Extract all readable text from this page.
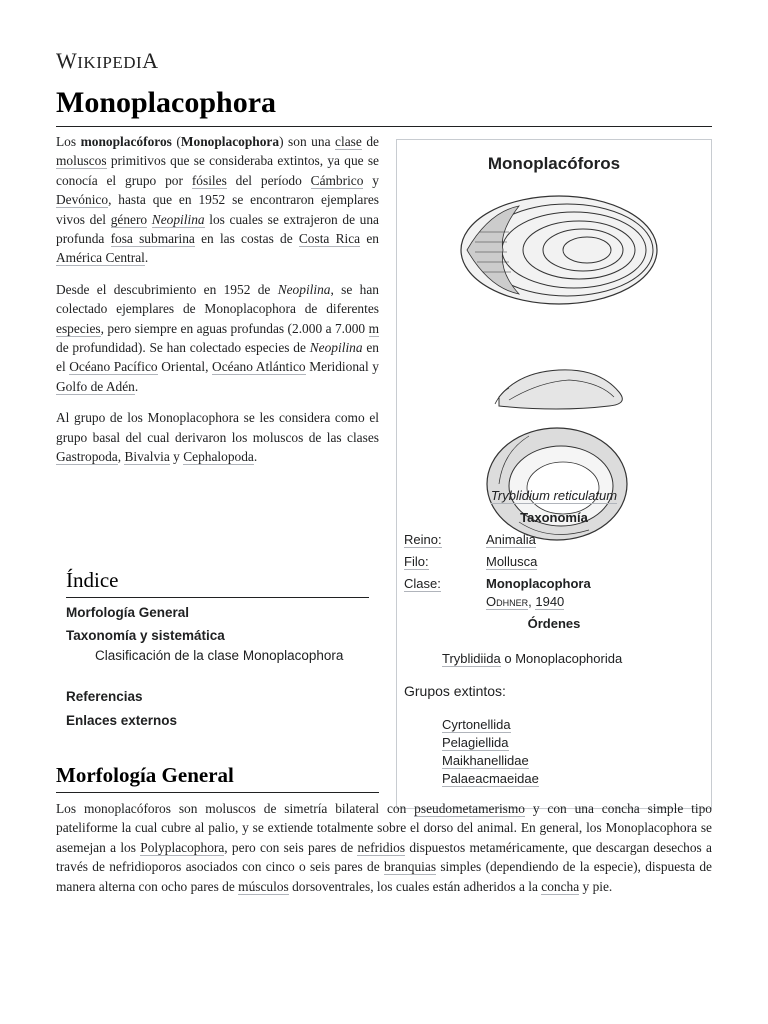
WIKIPEDIA
Monoplacophora

Los monoplacóforos (Monoplacophora) son una clase de moluscos primitivos que se consideraba extintos, ya que se conocía el grupo por fósiles del período Cámbrico y Devónico, hasta que en 1952 se encontraron ejemplares vivos del género Neopilina los cuales se extrajeron de una profunda fosa submarina en las costas de Costa Rica en América Central.

Desde el descubrimiento en 1952 de Neopilina, se han colectado ejemplares de Monoplacophora de diferentes especies, pero siempre en aguas profundas (2.000 a 7.000 m de profundidad). Se han colectado especies de Neopilina en el Océano Pacífico Oriental, Océano Atlántico Meridional y Golfo de Adén.

Al grupo de los Monoplacophora se les considera como el grupo basal del cual derivaron los moluscos de las clases Gastropoda, Bivalvia y Cephalopoda.

Monoplacóforos
Tryblidium reticulatum
Taxonomía
Reino:	Animalia
Filo:	Mollusca
Clase:	Monoplacophora
Odhner, 1940
Órdenes
Tryblidiida o Monoplacophorida
Grupos extintos:
Cyrtonellida
Pelagiellida
Maikhanellidae
Palaeacmaeidae
Índice
Morfología General
Taxonomía y sistemática
Clasificación de la clase Monoplacophora
Referencias
Enlaces externos
Morfología General
Los monoplacóforos son moluscos de simetría bilateral con pseudometamerismo y con una concha simple tipo pateliforme la cual cubre al palio, y se extiende totalmente sobre el dorso del animal. En general, los Monoplacophora se asemejan a los Polyplacophora, pero con seis pares de nefridios dispuestos metaméricamente, que descargan desechos a través de nefridioporos asociados con cinco o seis pares de branquias simples (dependiendo de la especie), dispuesta de manera alterna con ocho pares de músculos dorsoventrales, los cuales están adheridos a la concha y pie.
